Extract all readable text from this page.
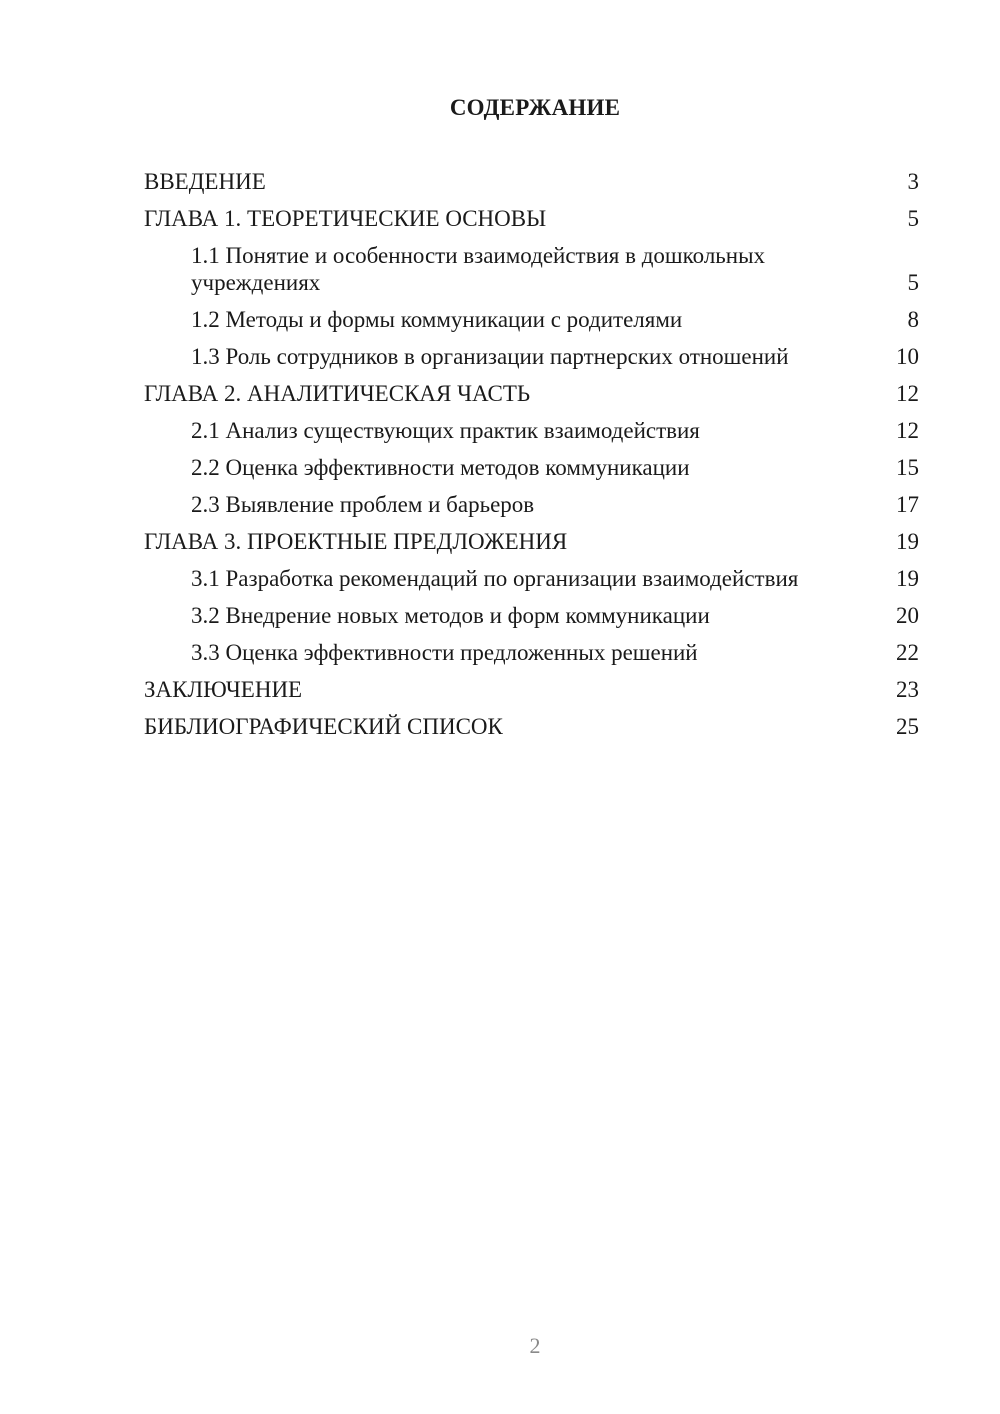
СОДЕРЖАНИЕ
ВВЕДЕНИЕ	3
ГЛАВА 1. ТЕОРЕТИЧЕСКИЕ ОСНОВЫ	5
1.1 Понятие и особенности взаимодействия в дошкольных учреждениях	5
1.2 Методы и формы коммуникации с родителями	8
1.3 Роль сотрудников в организации партнерских отношений	10
ГЛАВА 2. АНАЛИТИЧЕСКАЯ ЧАСТЬ	12
2.1 Анализ существующих практик взаимодействия	12
2.2 Оценка эффективности методов коммуникации	15
2.3 Выявление проблем и барьеров	17
ГЛАВА 3. ПРОЕКТНЫЕ ПРЕДЛОЖЕНИЯ	19
3.1 Разработка рекомендаций по организации взаимодействия	19
3.2 Внедрение новых методов и форм коммуникации	20
3.3 Оценка эффективности предложенных решений	22
ЗАКЛЮЧЕНИЕ	23
БИБЛИОГРАФИЧЕСКИЙ СПИСОК	25
2
